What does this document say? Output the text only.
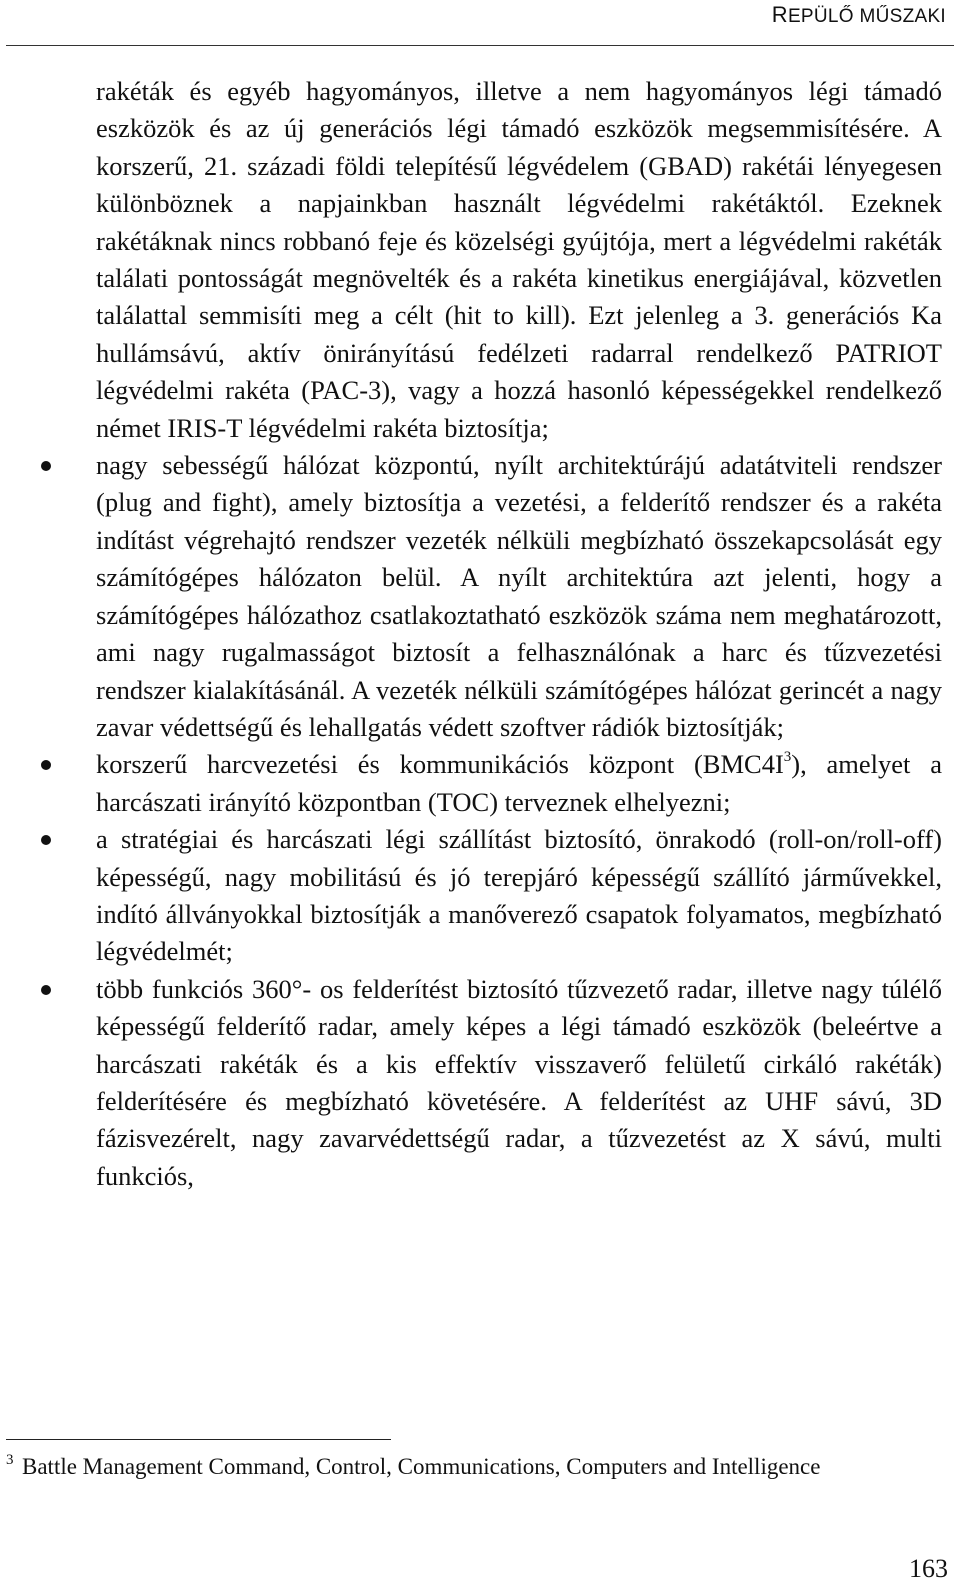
REPÜLŐ MŰSZAKI

rakéták és egyéb hagyományos, illetve a nem hagyományos légi támadó eszközök és az új generációs légi támadó eszközök megsemmisítésére. A korszerű, 21. századi földi telepítésű légvédelem (GBAD) rakétái lényegesen különböznek a napjainkban használt légvédelmi rakétáktól. Ezeknek rakétáknak nincs robbanó feje és közelségi gyújtója, mert a légvédelmi rakéták találati pontosságát megnövelték és a rakéta kinetikus energiájával, közvetlen találattal semmisíti meg a célt (hit to kill). Ezt jelenleg a 3. generációs Ka hullámsávú, aktív önirányítású fedélzeti radarral rendelkező PATRIOT légvédelmi rakéta (PAC-3), vagy a hozzá hasonló képességekkel rendelkező német IRIS-T légvédelmi rakéta biztosítja;

nagy sebességű hálózat központú, nyílt architektúrájú adatátviteli rendszer (plug and fight), amely biztosítja a vezetési, a felderítő rendszer és a rakéta indítást végrehajtó rendszer vezeték nélküli megbízható összekapcsolását egy számítógépes hálózaton belül. A nyílt architektúra azt jelenti, hogy a számítógépes hálózathoz csatlakoztatható eszközök száma nem meghatározott, ami nagy rugalmasságot biztosít a felhasználónak a harc és tűzvezetési rendszer kialakításánál. A vezeték nélküli számítógépes hálózat gerincét a nagy zavar védettségű és lehallgatás védett szoftver rádiók biztosítják;

korszerű harcvezetési és kommunikációs központ $(BMC4I^3)$, amelyet a harcászati irányító központban (TOC) terveznek elhelyezni;

a stratégiai és harcászati légi szállítást biztosító, önrakodó (roll-on/roll-off) képességű, nagy mobilitású és jó terepjáró képességű szállító járművekkel, indító állványokkal biztosítják a manőverező csapatok folyamatos, megbízható légvédelmét;

több funkciós 360°- os felderítést biztosító tűzvezető radar, illetve nagy túlélő képességű felderítő radar, amely képes a légi támadó eszközök (beleértve a harcászati rakéták és a kis effektív visszaverő felületű cirkáló rakéták) felderítésére és megbízható követésére. A felderítést az UHF sávú, 3D fázisvezérelt, nagy zavarvédettségű radar, a tűzvezetést az X sávú, multi funkciós,

3 Battle Management Command, Control, Communications, Computers and Intelligence
163
